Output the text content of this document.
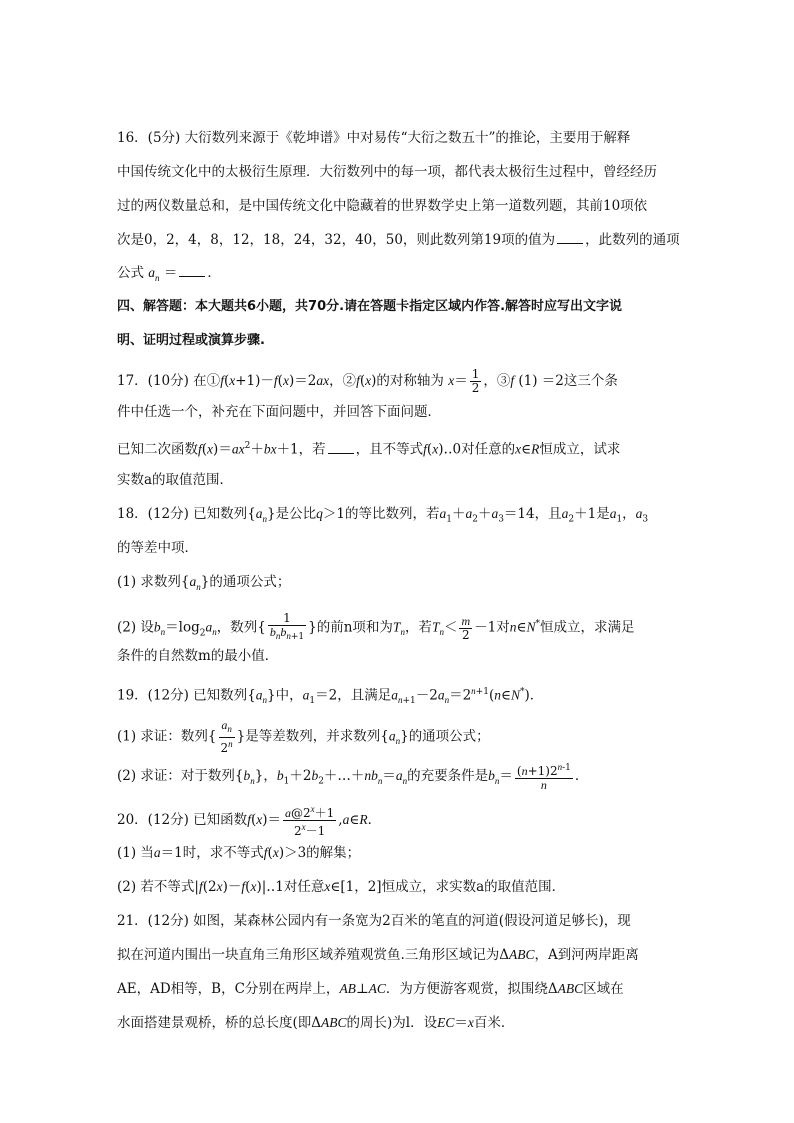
16．(5分) 大衍数列来源于《乾坤谱》中对易传“大衍之数五十”的推论，主要用于解释
中国传统文化中的太极衍生原理．大衍数列中的每一项，都代表太极衍生过程中，曾经经历
过的两仪数量总和，是中国传统文化中隐藏着的世界数学史上第一道数列题，其前10项依
次是0，2，4，8，12，18，24，32，40，50，则此数列第19项的值为 ，此数列的通项
公式 $a_n$ ＝ ．
四、解答题：本大题共6小题，共70分.请在答题卡指定区域内作答.解答时应写出文字说
明、证明过程或演算步骤.
17．(10分) 在①f(x+1)－f(x)＝2ax，②f(x)的对称轴为 $x= \frac{1}{2}$ ，③f (1) ＝2这三个条
件中任选一个，补充在下面问题中，并回答下面问题．
已知二次函数$f(x)=ax^2+bx+1$，若 ，且不等式f(x)‥0对任意的x∈R恒成立，试求
实数a的取值范围．
18．(12分) 已知数列$\{a_n\}$是公比q＞1的等比数列，若$a_1+a_2+a_3=14$，且$a_2+1$是$a_1$，$a_3$
的等差中项．
(1) 求数列$\{a_n\}$的通项公式；
(2) 设$b_n=\log_2a_n$，数列{ $\frac{1}{b_nb_{n+1}}$ }的前n项和为$T_n$，若$T_n< \frac{m}{2} -1$对n∈N*恒成立，求满足
条件的自然数m的最小值．
19．(12分) 已知数列$\{a_n\}$中，$a_1=2$，且满足$a_{n+1}-2a_n=2^{n+1}(n\in N^*)$．
(1) 求证：数列{ $\frac{a_n}{2^n}$ }是等差数列，并求数列$\{a_n\}$的通项公式；
(2) 求证：对于数列$\{b_n\}$，$b_1+2b_2+\dots+nb_n=a_n$的充要条件是$b_n= \frac{(n+1)2^{n-1}}{n}$ ．
20．(12分) 已知函数$f(x)= \frac{a@2^x+1}{2^x-1}$ ,a∈R．
(1) 当a＝1时，求不等式f(x)＞3的解集；
(2) 若不等式|f(2x)－f(x)|‥1对任意x∈[1，2]恒成立，求实数a的取值范围．
21．(12分) 如图，某森林公园内有一条宽为2百米的笔直的河道(假设河道足够长)，现
拟在河道内围出一块直角三角形区域养殖观赏鱼.三角形区域记为ΔABC，A到河两岸距离
AE，AD相等，B，C分别在两岸上，AB⊥AC．为方便游客观赏，拟围绕ΔABC区域在
水面搭建景观桥，桥的总长度(即ΔABC的周长)为l．设EC＝x百米．
